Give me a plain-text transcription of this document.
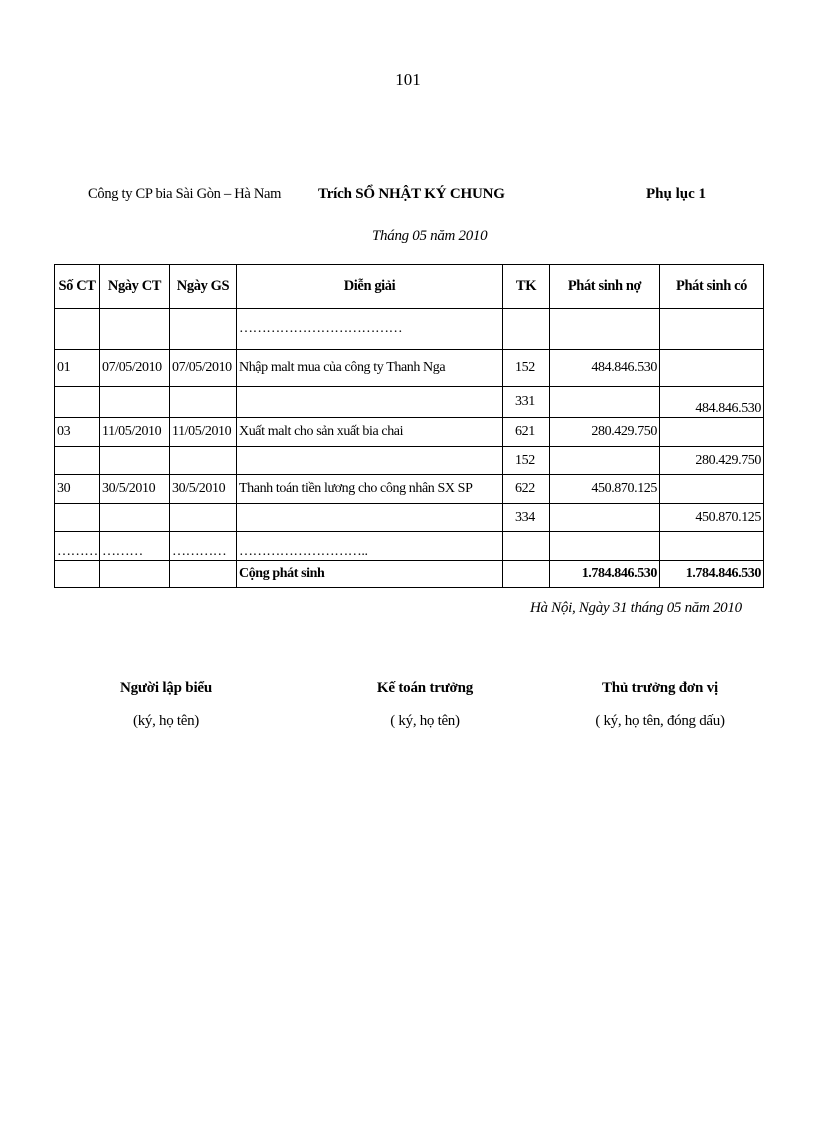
101
Công ty CP bia Sài Gòn – Hà Nam Trích SỔ NHẬT KÝ CHUNG	Phụ lục 1
Tháng 05 năm 2010
Số CT	Ngày CT	Ngày GS	Diễn giải	TK	Phát sinh nợ	Phát sinh có
			………………………………			
01	07/05/2010	07/05/2010	Nhập malt mua của công ty Thanh Nga	152	484.846.530	
				331		484.846.530
03	11/05/2010	11/05/2010	Xuất malt cho sản xuất bia chai	621	280.429.750	
				152		280.429.750
30	30/5/2010	30/5/2010	Thanh toán tiền lương cho công nhân SX SP	622	450.870.125	
				334		450.870.125
………	………	…………	………………………..			
			Cộng phát sinh		1.784.846.530	1.784.846.530
Hà Nội, Ngày 31 tháng 05 năm 2010
Người lập biểu
(ký, họ tên)
Kế toán trưởng
( ký, họ tên)
Thủ trưởng đơn vị
( ký, họ tên, đóng dấu)
